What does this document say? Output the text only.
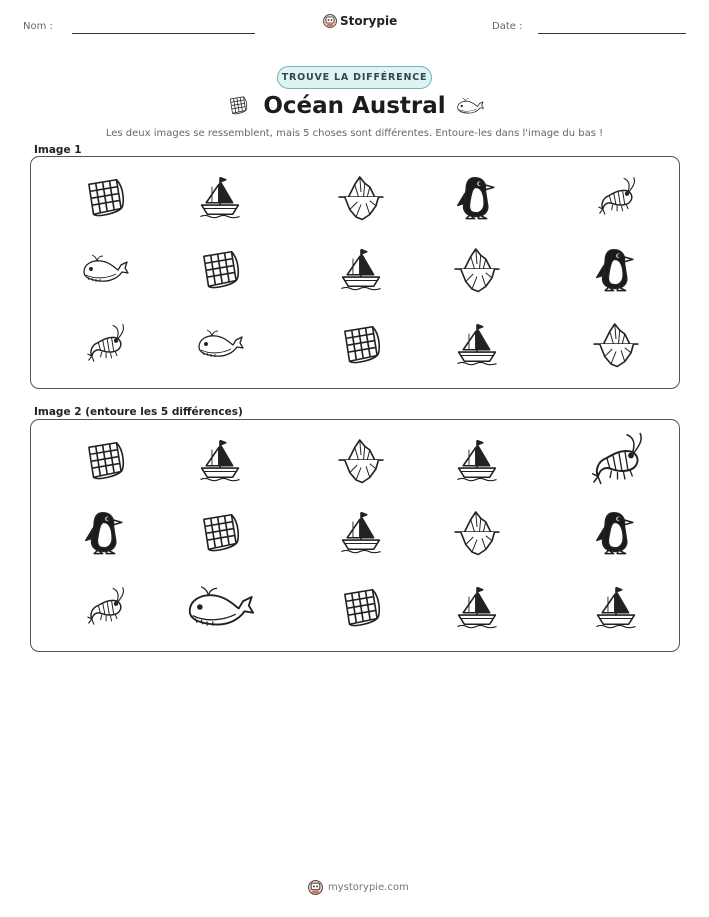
Nom :	Storypie	Date :
TROUVE LA DIFFÉRENCE
Océan Austral
Les deux images se ressemblent, mais 5 choses sont différentes. Entoure-les dans l'image du bas !
Image 1
Image 2 (entoure les 5 différences)
mystorypie.com
